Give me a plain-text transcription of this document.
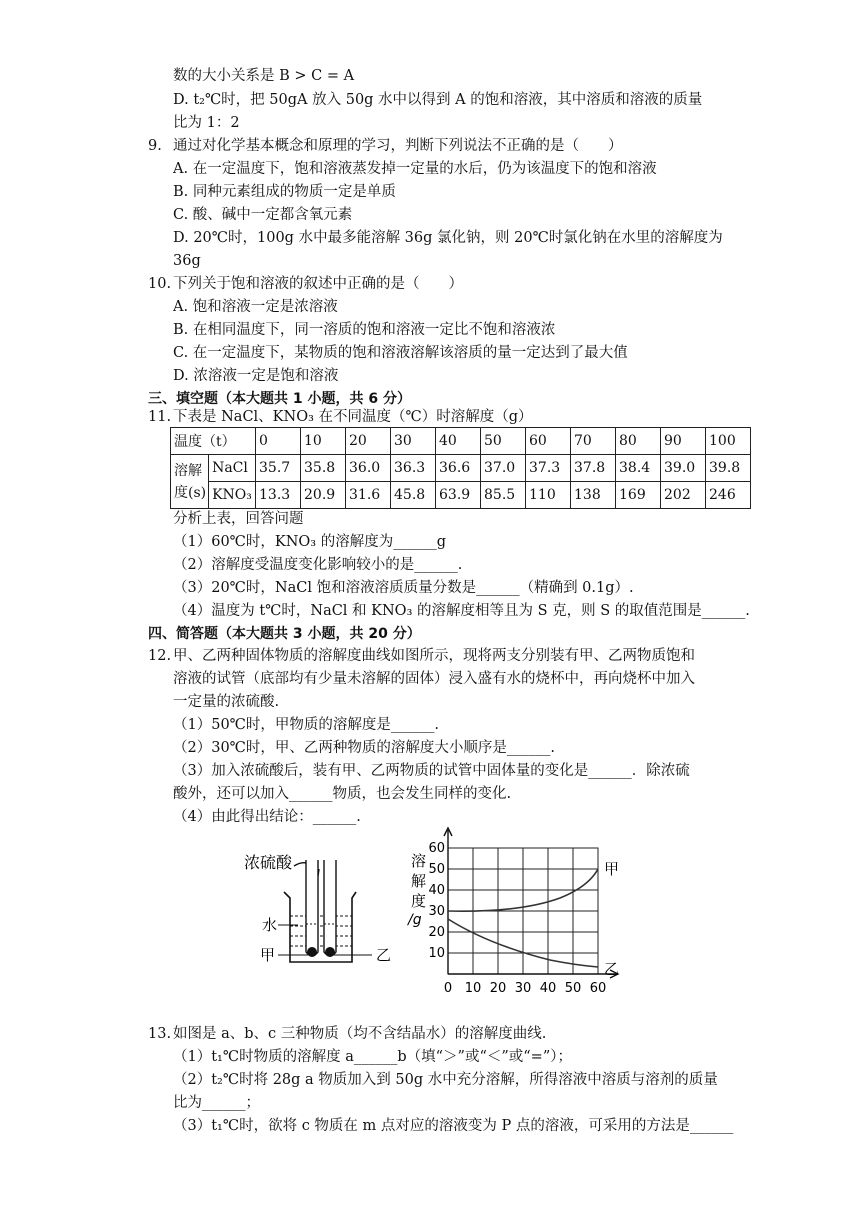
数的大小关系是 B > C = A
D. t₂℃时，把 50gA 放入 50g 水中以得到 A 的饱和溶液，其中溶质和溶液的质量
比为 1：2
9. 通过对化学基本概念和原理的学习，判断下列说法不正确的是（　　）
A. 在一定温度下，饱和溶液蒸发掉一定量的水后，仍为该温度下的饱和溶液
B. 同种元素组成的物质一定是单质
C. 酸、碱中一定都含氧元素
D. 20℃时，100g 水中最多能溶解 36g 氯化钠，则 20℃时氯化钠在水里的溶解度为
36g
10. 下列关于饱和溶液的叙述中正确的是（　　）
A. 饱和溶液一定是浓溶液
B. 在相同温度下，同一溶质的饱和溶液一定比不饱和溶液浓
C. 在一定温度下，某物质的饱和溶液溶解该溶质的量一定达到了最大值
D. 浓溶液一定是饱和溶液
三、填空题（本大题共 1 小题，共 6 分）
11. 下表是 NaCl、KNO₃ 在不同温度（℃）时溶解度（g）
温度（t）		0	10	20	30	40	50	60	70	80	90	100
溶解度(s)	NaCl	35.7	35.8	36.0	36.3	36.6	37.0	37.3	37.8	38.4	39.0	39.8
	KNO₃	13.3	20.9	31.6	45.8	63.9	85.5	110	138	169	202	246
分析上表，回答问题
（1）60℃时，KNO₃ 的溶解度为______g
（2）溶解度受温度变化影响较小的是______.
（3）20℃时，NaCl 饱和溶液溶质质量分数是______（精确到 0.1g）.
（4）温度为 t℃时，NaCl 和 KNO₃ 的溶解度相等且为 S 克，则 S 的取值范围是______.
四、简答题（本大题共 3 小题，共 20 分）
12. 甲、乙两种固体物质的溶解度曲线如图所示，现将两支分别装有甲、乙两物质饱和
溶液的试管（底部均有少量未溶解的固体）浸入盛有水的烧杯中，再向烧杯中加入
一定量的浓硫酸.
（1）50℃时，甲物质的溶解度是______.
（2）30℃时，甲、乙两种物质的溶解度大小顺序是______.
（3）加入浓硫酸后，装有甲、乙两物质的试管中固体量的变化是______．除浓硫
酸外，还可以加入______物质，也会发生同样的变化.
（4）由此得出结论：______.
浓硫酸
水
甲	乙
溶
解
度
/g
10
20
30
40
50
60
0 10 20 30 40 50 60
甲
乙
13. 如图是 a、b、c 三种物质（均不含结晶水）的溶解度曲线.
（1）t₁℃时物质的溶解度 a______b（填“＞”或“＜”或“=”）；
（2）t₂℃时将 28g a 物质加入到 50g 水中充分溶解，所得溶液中溶质与溶剂的质量
比为______；
（3）t₁℃时，欲将 c 物质在 m 点对应的溶液变为 P 点的溶液，可采用的方法是______
